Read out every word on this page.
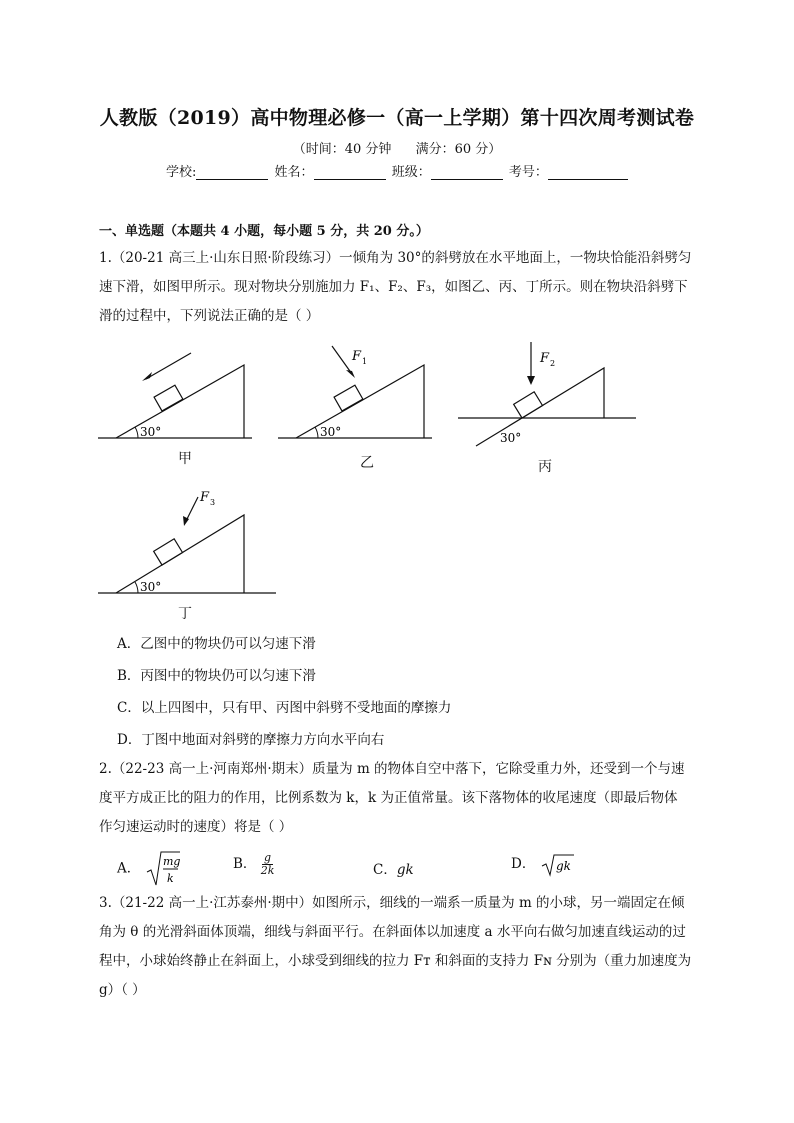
人教版（2019）高中物理必修一（高一上学期）第十四次周考测试卷
（时间：40 分钟 满分：60 分）
学校:	姓名：	班级：	考号：
一、单选题（本题共 4 小题，每小题 5 分，共 20 分。）
1.（20-21 高三上·山东日照·阶段练习）一倾角为 30°的斜劈放在水平地面上，一物块恰能沿斜劈匀
速下滑，如图甲所示。现对物块分别施加力 F₁、F₂、F₃，如图乙、丙、丁所示。则在物块沿斜劈下
滑的过程中，下列说法正确的是（ ）
30°
甲
F 1
30°
乙
F 2
30°
丙
F 3
30°
丁
A．乙图中的物块仍可以匀速下滑
B．丙图中的物块仍可以匀速下滑
C．以上四图中，只有甲、丙图中斜劈不受地面的摩擦力
D．丁图中地面对斜劈的摩擦力方向水平向右
2.（22-23 高一上·河南郑州·期末）质量为 m 的物体自空中落下，它除受重力外，还受到一个与速
度平方成正比的阻力的作用，比例系数为 k，k 为正值常量。该下落物体的收尾速度（即最后物体
作匀速运动时的速度）将是（ ）
A． mg
k
B． $\frac{g}{2k}$	C．gk	D． gk
3.（21-22 高一上·江苏泰州·期中）如图所示，细线的一端系一质量为 m 的小球，另一端固定在倾
角为 θ 的光滑斜面体顶端，细线与斜面平行。在斜面体以加速度 a 水平向右做匀加速直线运动的过
程中，小球始终静止在斜面上，小球受到细线的拉力 Fт 和斜面的支持力 Fɴ 分别为（重力加速度为
g）（ ）
